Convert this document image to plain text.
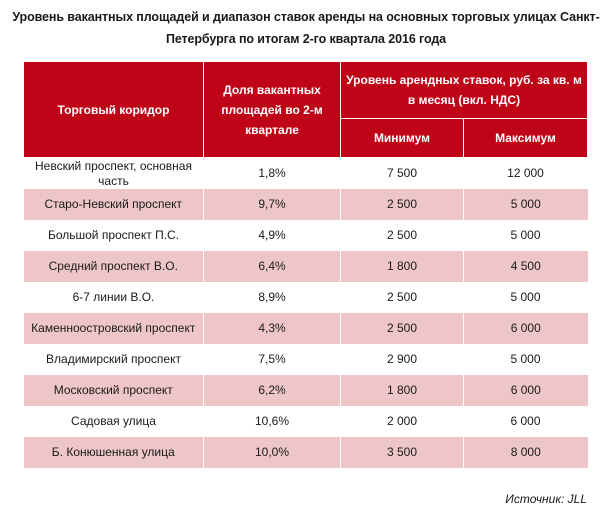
Уровень вакантных площадей и диапазон ставок аренды на основных торговых улицах Санкт-Петербурга по итогам 2-го квартала 2016 года
Торговый коридор	Доля вакантных площадей во 2-м квартале	Уровень арендных ставок, руб. за кв. м в месяц (вкл. НДС)	
		Минимум	Максимум
Невский проспект, основная часть	1,8%	7 500	12 000
Старо-Невский проспект	9,7%	2 500	5 000
Большой проспект П.С.	4,9%	2 500	5 000
Средний проспект В.О.	6,4%	1 800	4 500
6-7 линии В.О.	8,9%	2 500	5 000
Каменноостровский проспект	4,3%	2 500	6 000
Владимирский проспект	7,5%	2 900	5 000
Московский проспект	6,2%	1 800	6 000
Садовая улица	10,6%	2 000	6 000
Б. Конюшенная улица	10,0%	3 500	8 000
Источник: JLL
